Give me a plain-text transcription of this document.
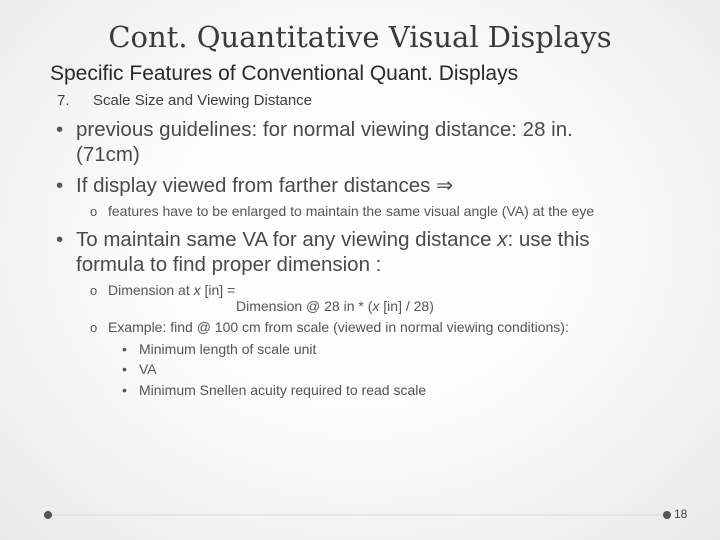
Cont. Quantitative Visual Displays
Specific Features of Conventional Quant. Displays
7. Scale Size and Viewing Distance
• previous guidelines: for normal viewing distance: 28 in.
(71cm)
• If display viewed from farther distances ⇒
o features have to be enlarged to maintain the same visual angle (VA) at the eye
• To maintain same VA for any viewing distance x: use this
formula to find proper dimension :
o Dimension at x [in] =
Dimension @ 28 in * (x [in] / 28)
o Example: find @ 100 cm from scale (viewed in normal viewing conditions):
• Minimum length of scale unit
• VA
• Minimum Snellen acuity required to read scale
18
